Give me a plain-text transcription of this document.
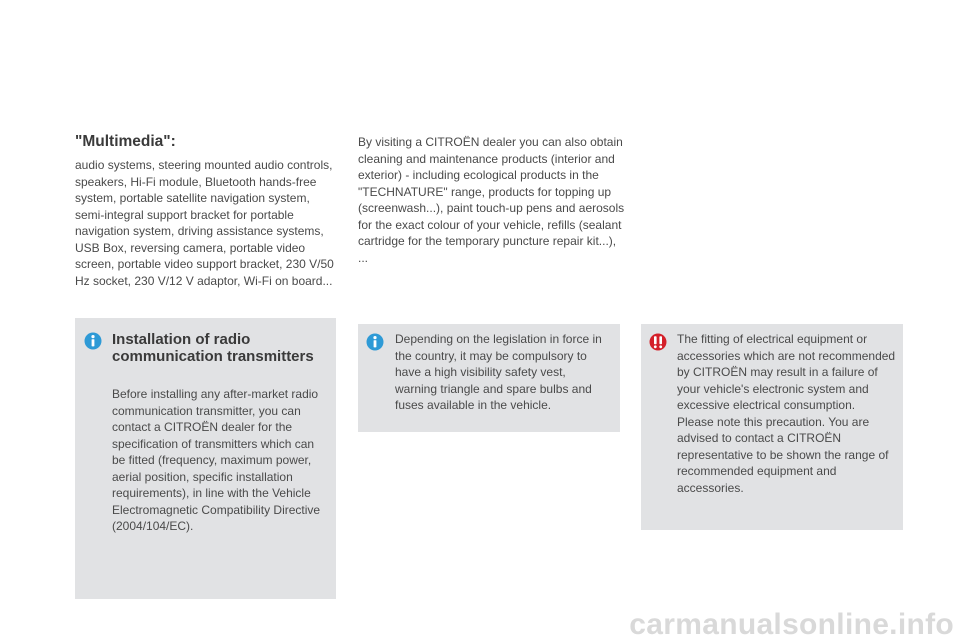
"Multimedia":
audio systems, steering mounted audio controls, speakers, Hi-Fi module, Bluetooth hands-free system, portable satellite navigation system, semi-integral support bracket for portable navigation system, driving assistance systems, USB Box, reversing camera, portable video screen, portable video support bracket, 230 V/50 Hz socket, 230 V/12 V adaptor, Wi-Fi on board...
By visiting a CITROËN dealer you can also obtain cleaning and maintenance products (interior and exterior) - including ecological products in the "TECHNATURE" range, products for topping up (screenwash...), paint touch-up pens and aerosols for the exact colour of your vehicle, refills (sealant cartridge for the temporary puncture repair kit...), ...
Installation of radio communication transmitters
Before installing any after-market radio communication transmitter, you can contact a CITROËN dealer for the specification of transmitters which can be fitted (frequency, maximum power, aerial position, specific installation requirements), in line with the Vehicle Electromagnetic Compatibility Directive (2004/104/EC).
Depending on the legislation in force in the country, it may be compulsory to have a high visibility safety vest, warning triangle and spare bulbs and fuses available in the vehicle.
The fitting of electrical equipment or accessories which are not recommended by CITROËN may result in a failure of your vehicle's electronic system and excessive electrical consumption.
Please note this precaution. You are advised to contact a CITROËN representative to be shown the range of recommended equipment and accessories.
carmanualsonline.info
